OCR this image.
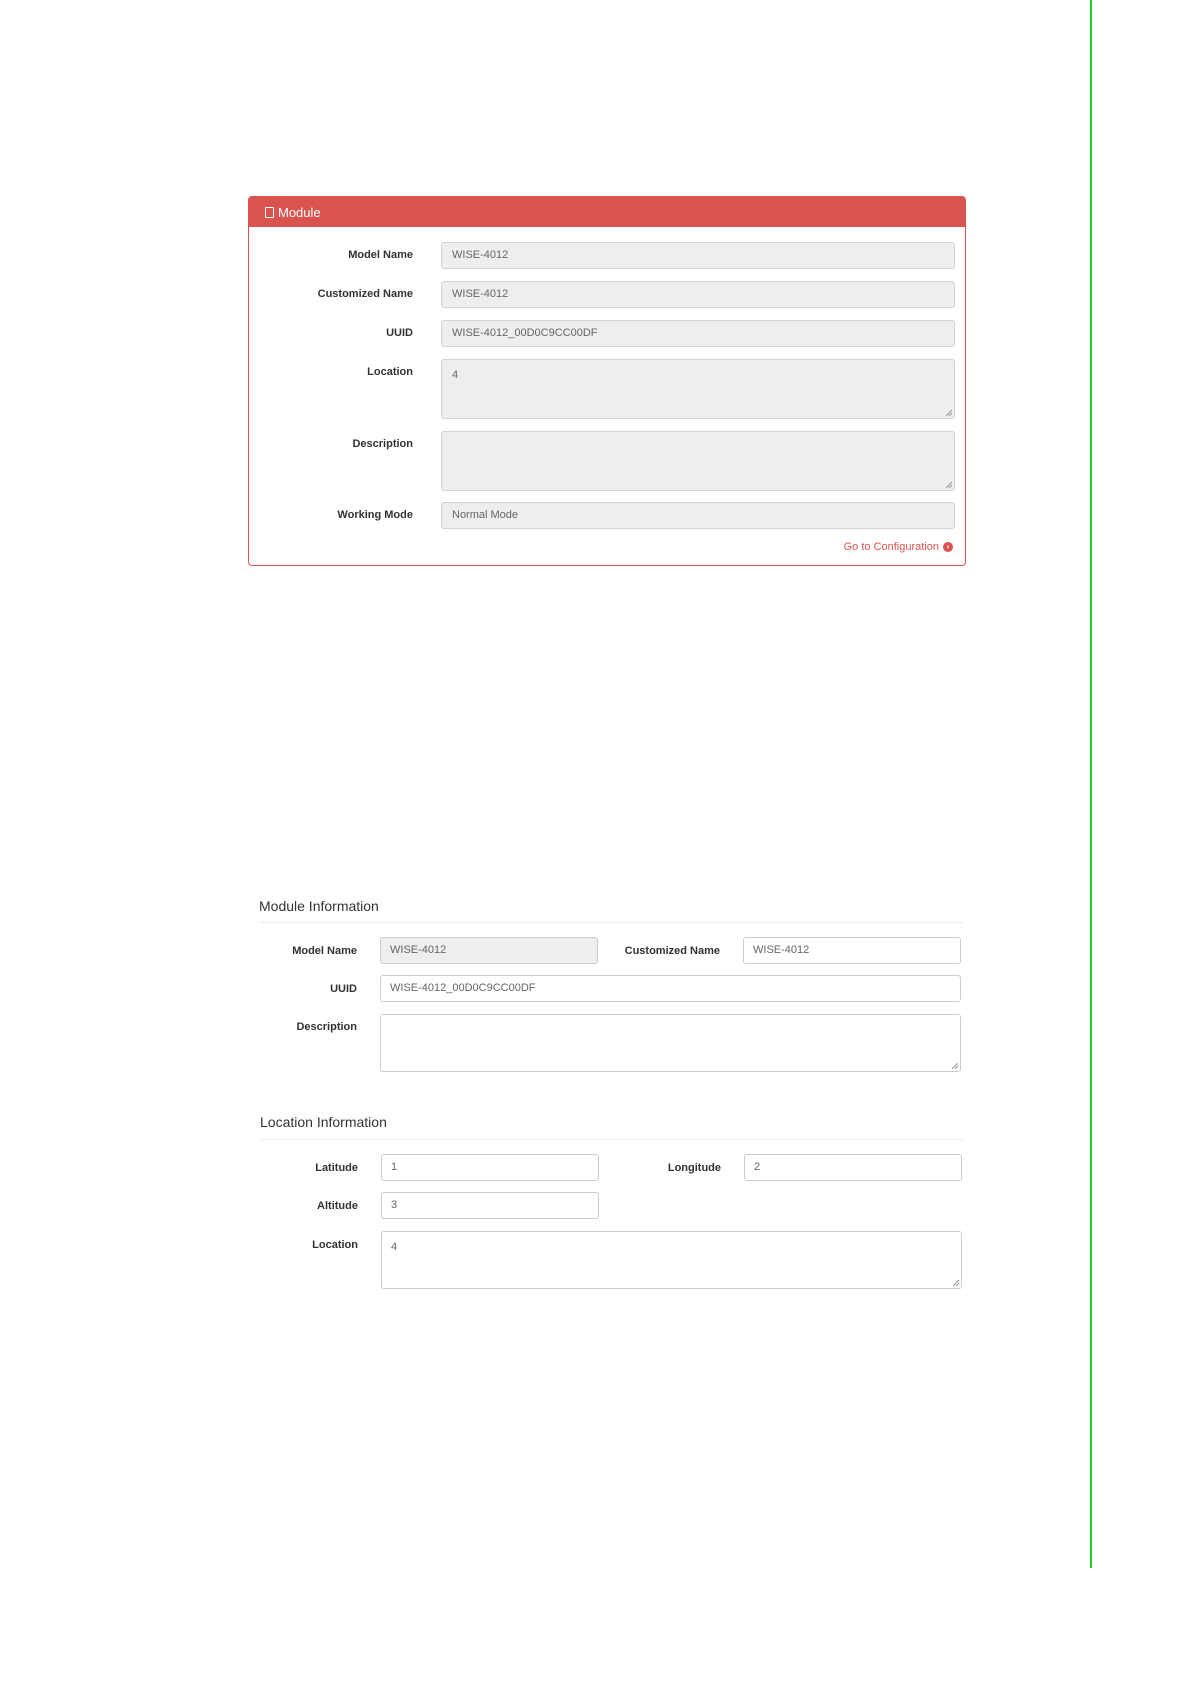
Module
Model Name	WISE-4012
Customized Name	WISE-4012
UUID	WISE-4012_00D0C9CC00DF
Location	4
Description
Working Mode	Normal Mode
Go to Configuration ›
Module Information
Model Name	WISE-4012	Customized Name	WISE-4012
UUID	WISE-4012_00D0C9CC00DF
Description
Location Information
Latitude	1	Longitude	2
Altitude	3
Location	4
